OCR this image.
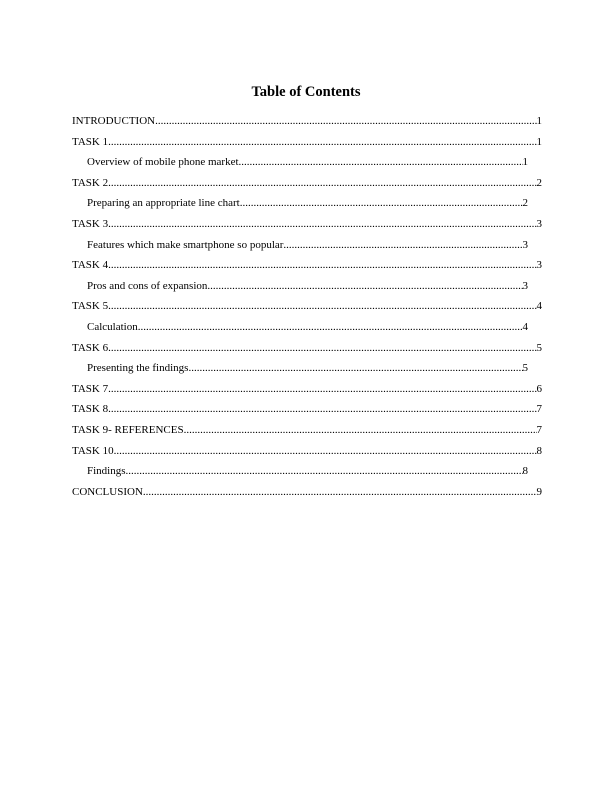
Table of Contents
INTRODUCTION .....	1
TASK 1 .....	1
Overview of mobile phone market .....	1
TASK 2 .....	2
Preparing an appropriate line chart .....	2
TASK 3 .....	3
Features which make smartphone so popular .....	3
TASK 4 .....	3
Pros and cons of expansion .....	3
TASK 5 .....	4
Calculation .....	4
TASK 6 .....	5
Presenting the findings .....	5
TASK 7 .....	6
TASK 8 .....	7
TASK 9- REFERENCES .....	7
TASK 10 .....	8
Findings .....	8
CONCLUSION .....	9
